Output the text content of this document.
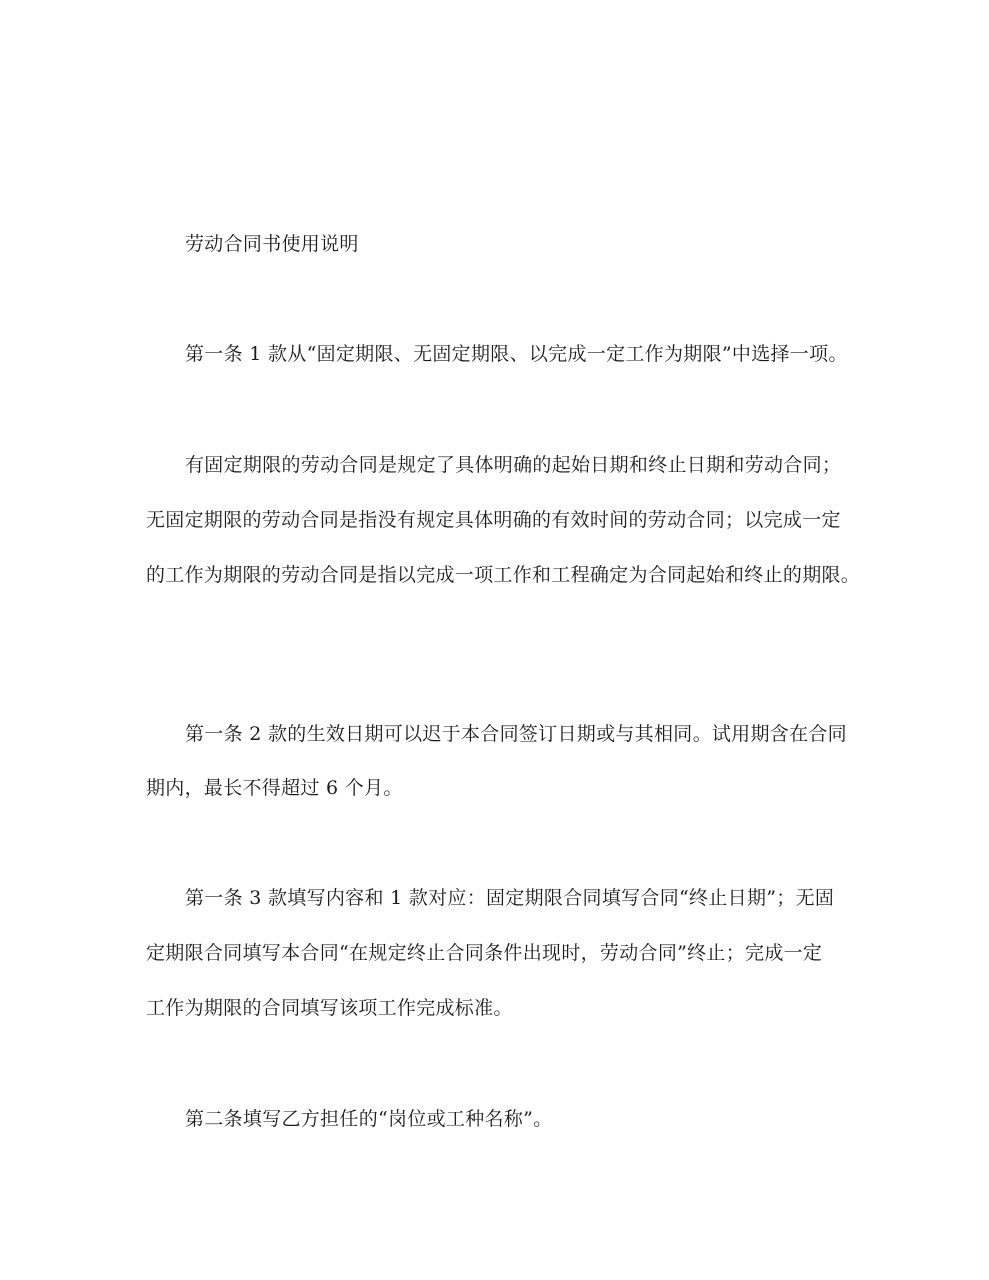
劳动合同书使用说明
第一条 1 款从“固定期限、无固定期限、以完成一定工作为期限”中选择一项。
有固定期限的劳动合同是规定了具体明确的起始日期和终止日期和劳动合同；
无固定期限的劳动合同是指没有规定具体明确的有效时间的劳动合同；以完成一定
的工作为期限的劳动合同是指以完成一项工作和工程确定为合同起始和终止的期限。
第一条 2 款的生效日期可以迟于本合同签订日期或与其相同。试用期含在合同
期内，最长不得超过 6 个月。
第一条 3 款填写内容和 1 款对应：固定期限合同填写合同“终止日期”；无固
定期限合同填写本合同“在规定终止合同条件出现时，劳动合同”终止；完成一定
工作为期限的合同填写该项工作完成标准。
第二条填写乙方担任的“岗位或工种名称”。
